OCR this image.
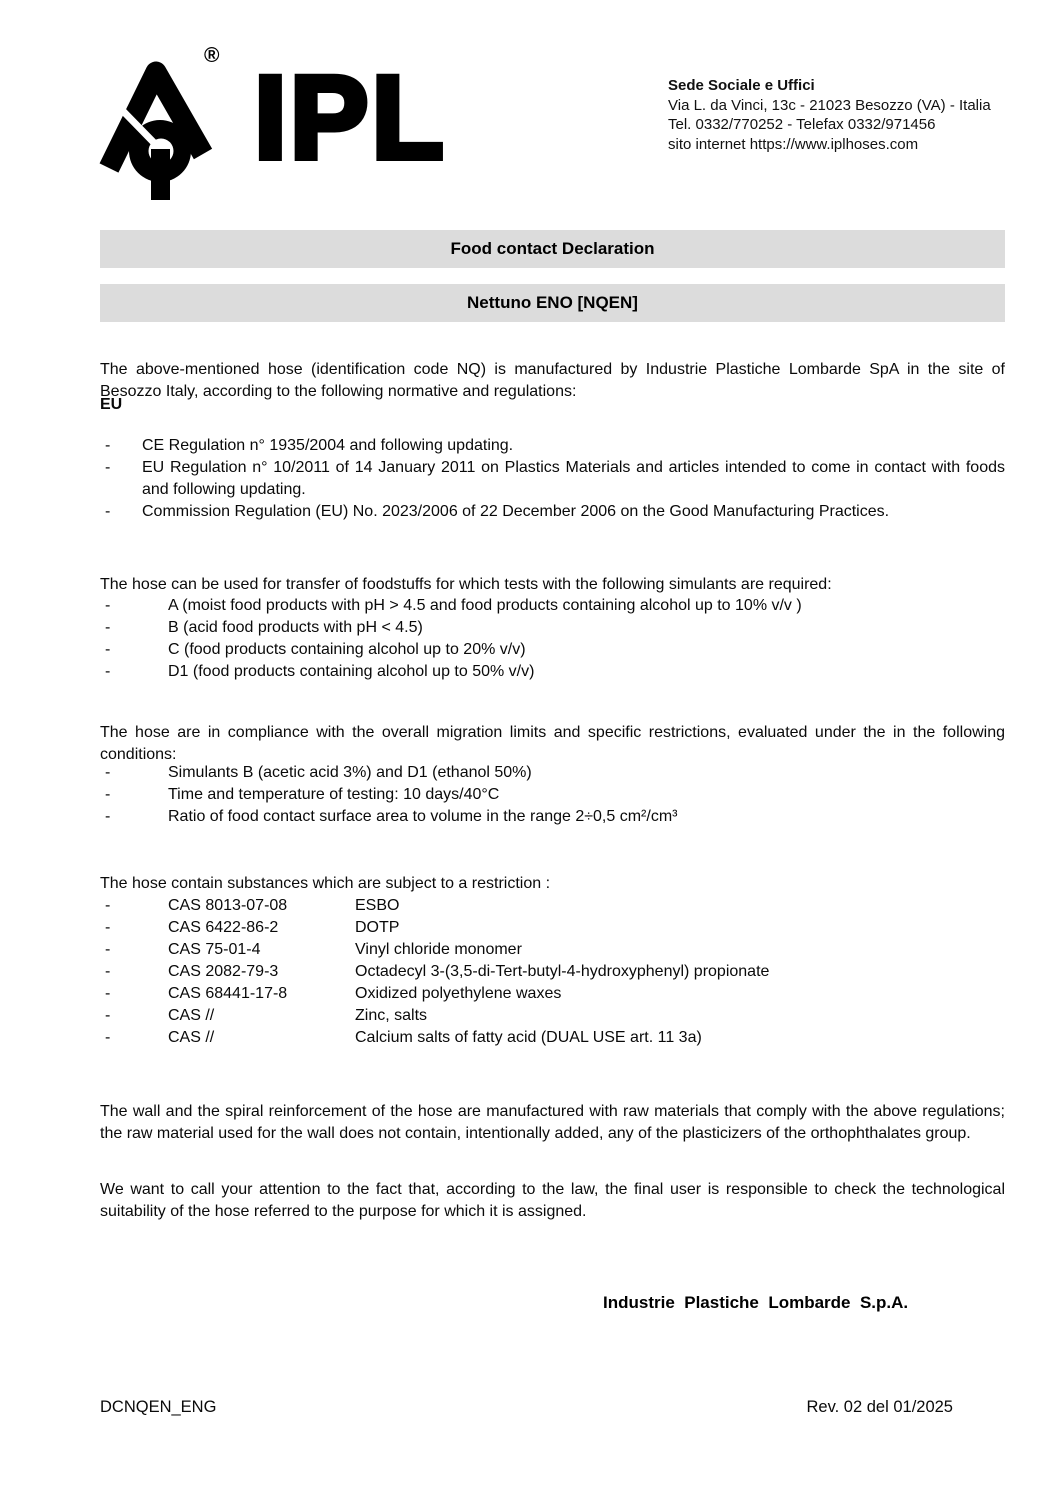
® IPL	Sede Sociale e Uffici
Via L. da Vinci, 13c - 21023 Besozzo (VA) - Italia
Tel. 0332/770252 - Telefax 0332/971456
sito internet https://www.iplhoses.com
Food contact Declaration
Nettuno ENO [NQEN]

The above-mentioned hose (identification code NQ) is manufactured by Industrie Plastiche Lombarde SpA in the site of Besozzo Italy, according to the following normative and regulations:

EU
-	CE Regulation n° 1935/2004 and following updating.
-	EU Regulation n° 10/2011 of 14 January 2011 on Plastics Materials and articles intended to come in contact with foods and following updating.
-	Commission Regulation (EU) No. 2023/2006 of 22 December 2006 on the Good Manufacturing Practices.

The hose can be used for transfer of foodstuffs for which tests with the following simulants are required:

-	A (moist food products with pH > 4.5 and food products containing alcohol up to 10% v/v )
-	B (acid food products with pH < 4.5)
-	C (food products containing alcohol up to 20% v/v)
-	D1 (food products containing alcohol up to 50% v/v)

The hose are in compliance with the overall migration limits and specific restrictions, evaluated under the in the following conditions:

-	Simulants B (acetic acid 3%) and D1 (ethanol 50%)
-	Time and temperature of testing: 10 days/40°C
-	Ratio of food contact surface area to volume in the range 2÷0,5 cm²/cm³

The hose contain substances which are subject to a restriction :

-	CAS 8013-07-08	ESBO
-	CAS 6422-86-2	DOTP
-	CAS 75-01-4	Vinyl chloride monomer
-	CAS 2082-79-3	Octadecyl 3-(3,5-di-Tert-butyl-4-hydroxyphenyl) propionate
-	CAS 68441-17-8	Oxidized polyethylene waxes
-	CAS //	Zinc, salts
-	CAS //	Calcium salts of fatty acid (DUAL USE art. 11 3a)

The wall and the spiral reinforcement of the hose are manufactured with raw materials that comply with the above regulations; the raw material used for the wall does not contain, intentionally added, any of the plasticizers of the orthophthalates group.

We want to call your attention to the fact that, according to the law, the final user is responsible to check the technological suitability of the hose referred to the purpose for which it is assigned.

Industrie  Plastiche  Lombarde  S.p.A.
DCNQEN_ENG	Rev. 02 del 01/2025
